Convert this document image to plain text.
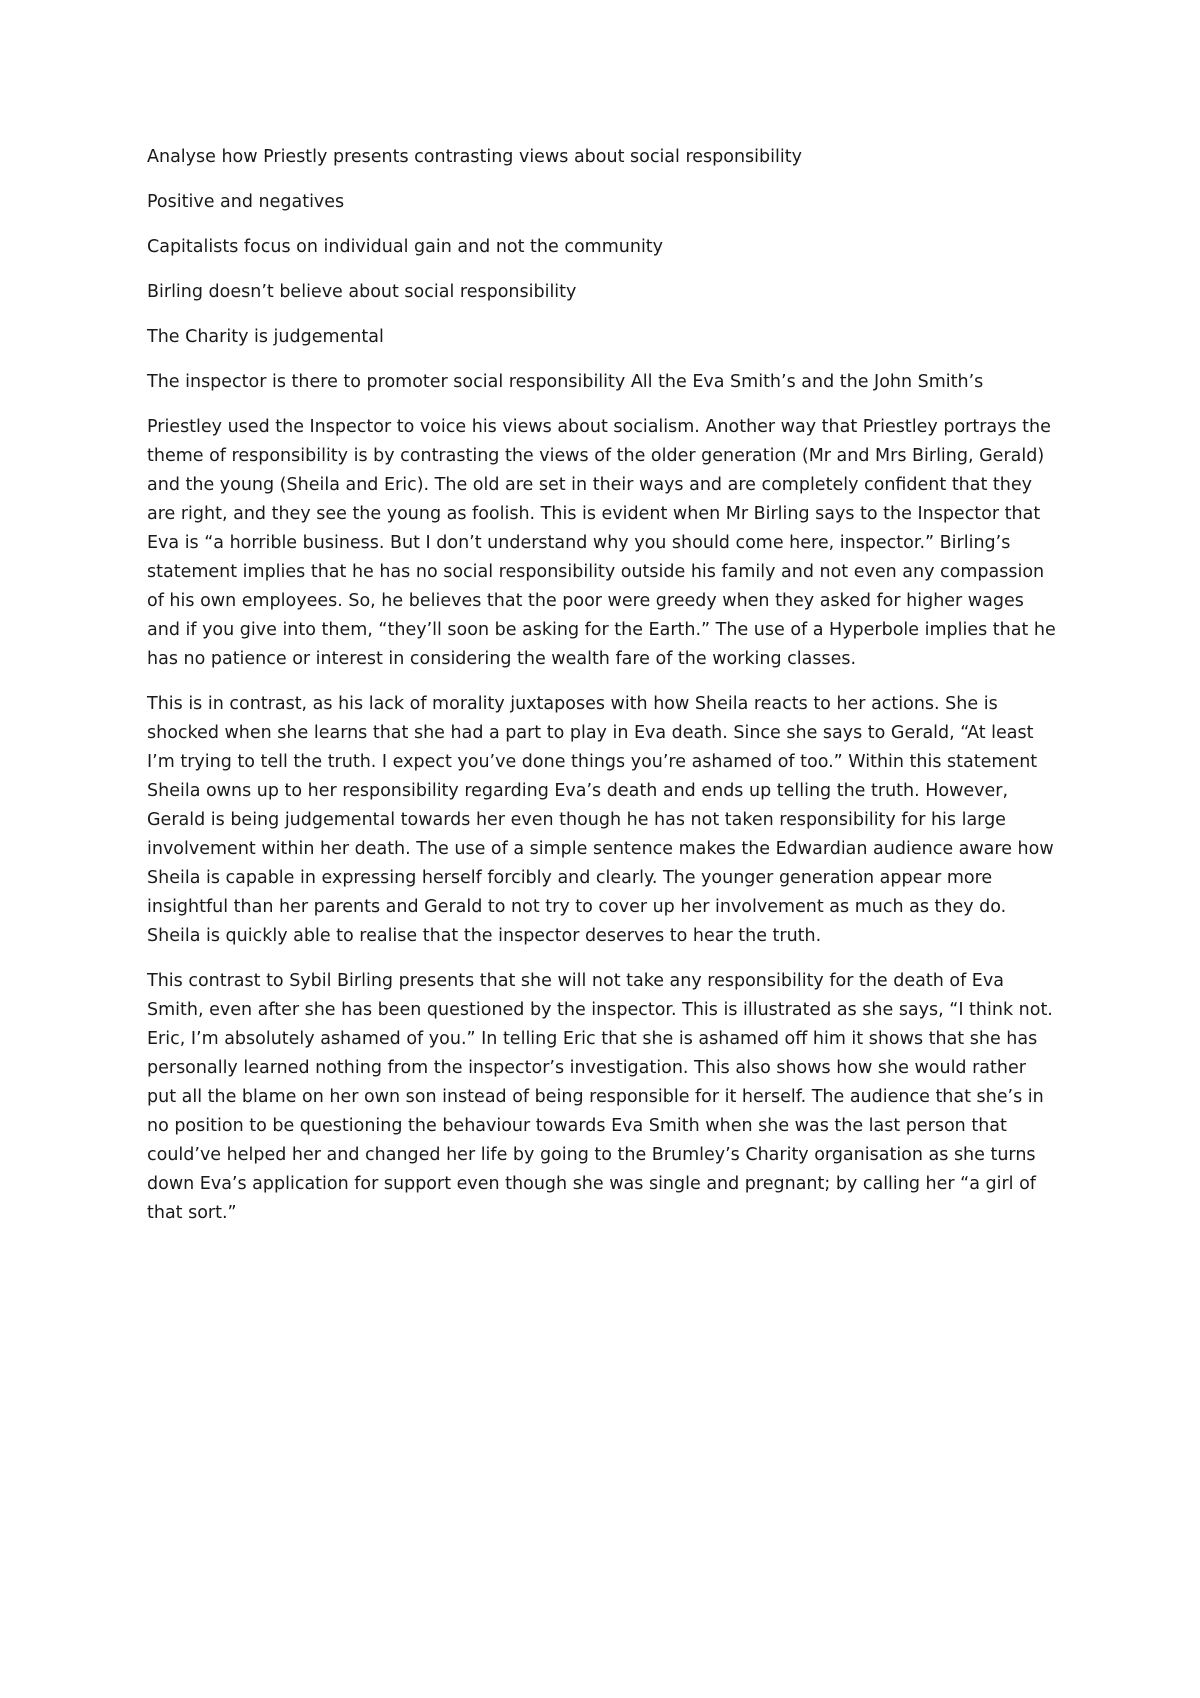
Analyse how Priestly presents contrasting views about social responsibility

Positive and negatives

Capitalists focus on individual gain and not the community

Birling doesn’t believe about social responsibility

The Charity is judgemental

The inspector is there to promoter social responsibility All the Eva Smith’s and the John Smith’s

Priestley used the Inspector to voice his views about socialism. Another way that Priestley portrays the theme of responsibility is by contrasting the views of the older generation (Mr and Mrs Birling, Gerald) and the young (Sheila and Eric). The old are set in their ways and are completely confident that they are right, and they see the young as foolish. This is evident when Mr Birling says to the Inspector that Eva is “a horrible business. But I don’t understand why you should come here, inspector.” Birling’s statement implies that he has no social responsibility outside his family and not even any compassion of his own employees. So, he believes that the poor were greedy when they asked for higher wages and if you give into them, “they’ll soon be asking for the Earth.” The use of a Hyperbole implies that he has no patience or interest in considering the wealth fare of the working classes.

This is in contrast, as his lack of morality juxtaposes with how Sheila reacts to her actions. She is shocked when she learns that she had a part to play in Eva death. Since she says to Gerald, “At least I’m trying to tell the truth. I expect you’ve done things you’re ashamed of too.” Within this statement Sheila owns up to her responsibility regarding Eva’s death and ends up telling the truth. However, Gerald is being judgemental towards her even though he has not taken responsibility for his large involvement within her death. The use of a simple sentence makes the Edwardian audience aware how Sheila is capable in expressing herself forcibly and clearly. The younger generation appear more insightful than her parents and Gerald to not try to cover up her involvement as much as they do. Sheila is quickly able to realise that the inspector deserves to hear the truth.

This contrast to Sybil Birling presents that she will not take any responsibility for the death of Eva Smith, even after she has been questioned by the inspector. This is illustrated as she says, “I think not. Eric, I’m absolutely ashamed of you.” In telling Eric that she is ashamed off him it shows that she has personally learned nothing from the inspector’s investigation. This also shows how she would rather put all the blame on her own son instead of being responsible for it herself. The audience that she’s in no position to be questioning the behaviour towards Eva Smith when she was the last person that could’ve helped her and changed her life by going to the Brumley’s Charity organisation as she turns down Eva’s application for support even though she was single and pregnant; by calling her “a girl of that sort.”
